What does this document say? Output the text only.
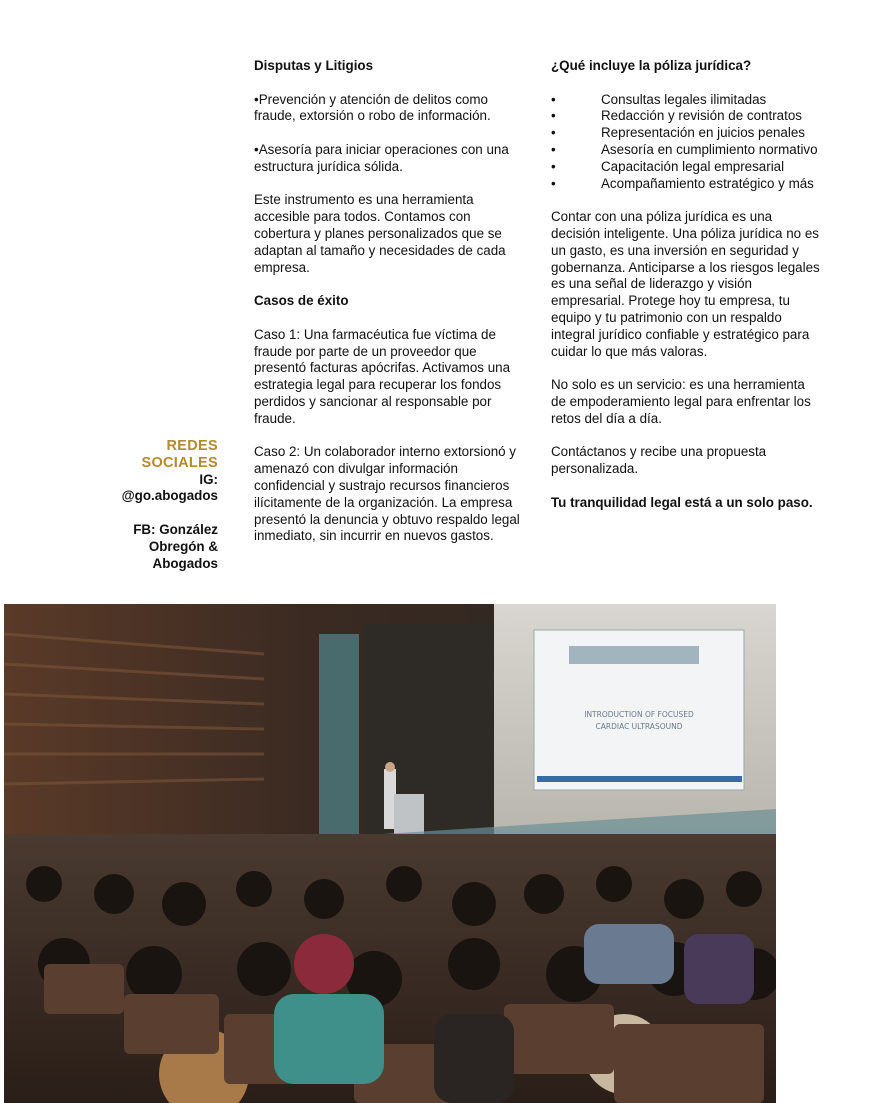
Disputas y Litigios

•Prevención y atención de delitos como fraude, extorsión o robo de información.

•Asesoría para iniciar operaciones con una estructura jurídica sólida.

Este instrumento es una herramienta accesible para todos. Contamos con cobertura y planes personalizados que se adaptan al tamaño y necesidades de cada empresa.

Casos de éxito

Caso 1: Una farmacéutica fue víctima de fraude por parte de un proveedor que presentó facturas apócrifas. Activamos una estrategia legal para recuperar los fondos perdidos y sancionar al responsable por fraude.

Caso 2: Un colaborador interno extorsionó y amenazó con divulgar información confidencial y sustrajo recursos financieros ilícitamente de la organización. La empresa presentó la denuncia y obtuvo respaldo legal inmediato, sin incurrir en nuevos gastos.

¿Qué incluye la póliza jurídica?

•	Consultas legales ilimitadas
•	Redacción y revisión de contratos
•	Representación en juicios penales
•	Asesoría en cumplimiento normativo
•	Capacitación legal empresarial
•	Acompañamiento estratégico y más

Contar con una póliza jurídica es una decisión inteligente. Una póliza jurídica no es un gasto, es una inversión en seguridad y gobernanza. Anticiparse a los riesgos legales es una señal de liderazgo y visión empresarial. Protege hoy tu empresa, tu equipo y tu patrimonio con un respaldo integral jurídico confiable y estratégico para cuidar lo que más valoras.

No solo es un servicio: es una herramienta de empoderamiento legal para enfrentar los retos del día a día.

Contáctanos y recibe una propuesta personalizada.

Tu tranquilidad legal está a un solo paso.

REDES
SOCIALES

IG:
@go.abogados

FB: González
Obregón &
Abogados

INTRODUCTION OF FOCUSED
CARDIAC ULTRASOUND
